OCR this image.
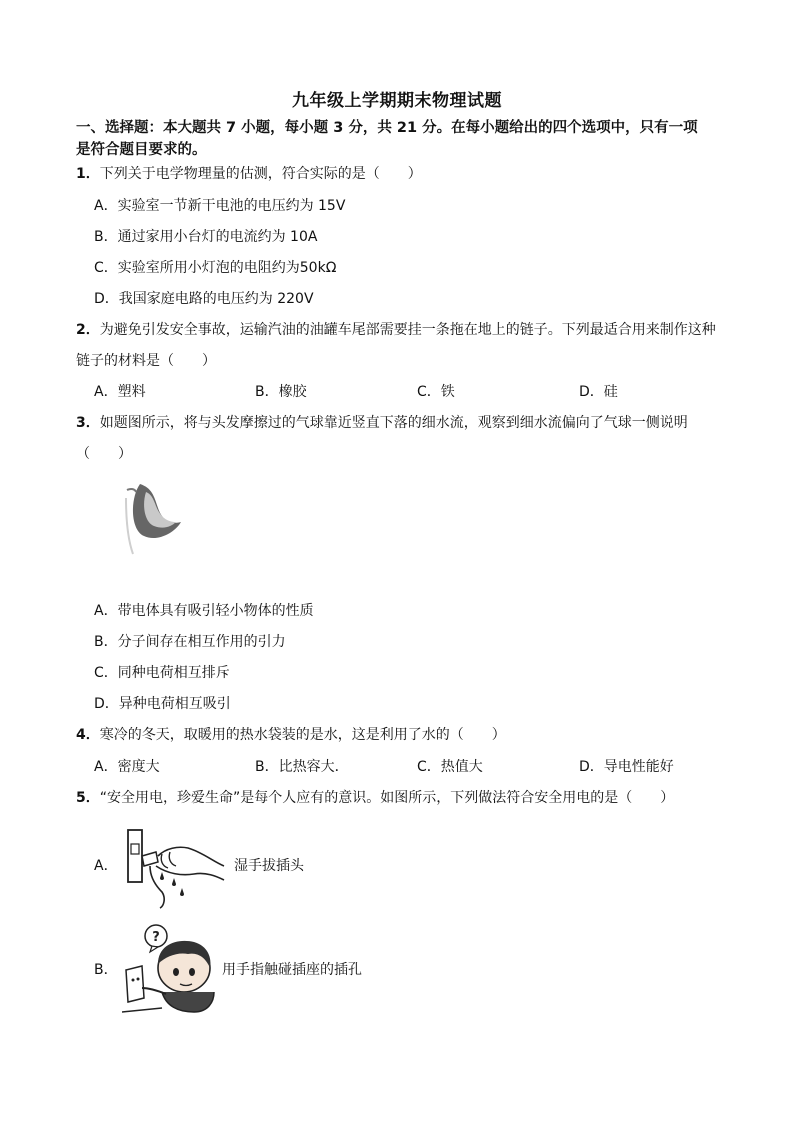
九年级上学期期末物理试题
一、选择题：本大题共 7 小题，每小题 3 分，共 21 分。在每小题给出的四个选项中，只有一项
是符合题目要求的。
1．下列关于电学物理量的估测，符合实际的是（　　）
A．实验室一节新干电池的电压约为 15V
B．通过家用小台灯的电流约为 10A
C．实验室所用小灯泡的电阻约为50kΩ
D．我国家庭电路的电压约为 220V
2．为避免引发安全事故，运输汽油的油罐车尾部需要挂一条拖在地上的链子。下列最适合用来制作这种
链子的材料是（　　）
A．塑料	B．橡胶	C．铁	D．硅
3．如题图所示，将与头发摩擦过的气球靠近竖直下落的细水流，观察到细水流偏向了气球一侧说明
（　　）
A．带电体具有吸引轻小物体的性质
B．分子间存在相互作用的引力
C．同种电荷相互排斥
D．异种电荷相互吸引
4．寒冷的冬天，取暖用的热水袋装的是水，这是利用了水的（　　）
A．密度大	B．比热容大．	C．热值大	D．导电性能好
5．“安全用电，珍爱生命”是每个人应有的意识。如图所示，下列做法符合安全用电的是（　　）
A．	湿手拔插头
B．
?
用手指触碰插座的插孔
